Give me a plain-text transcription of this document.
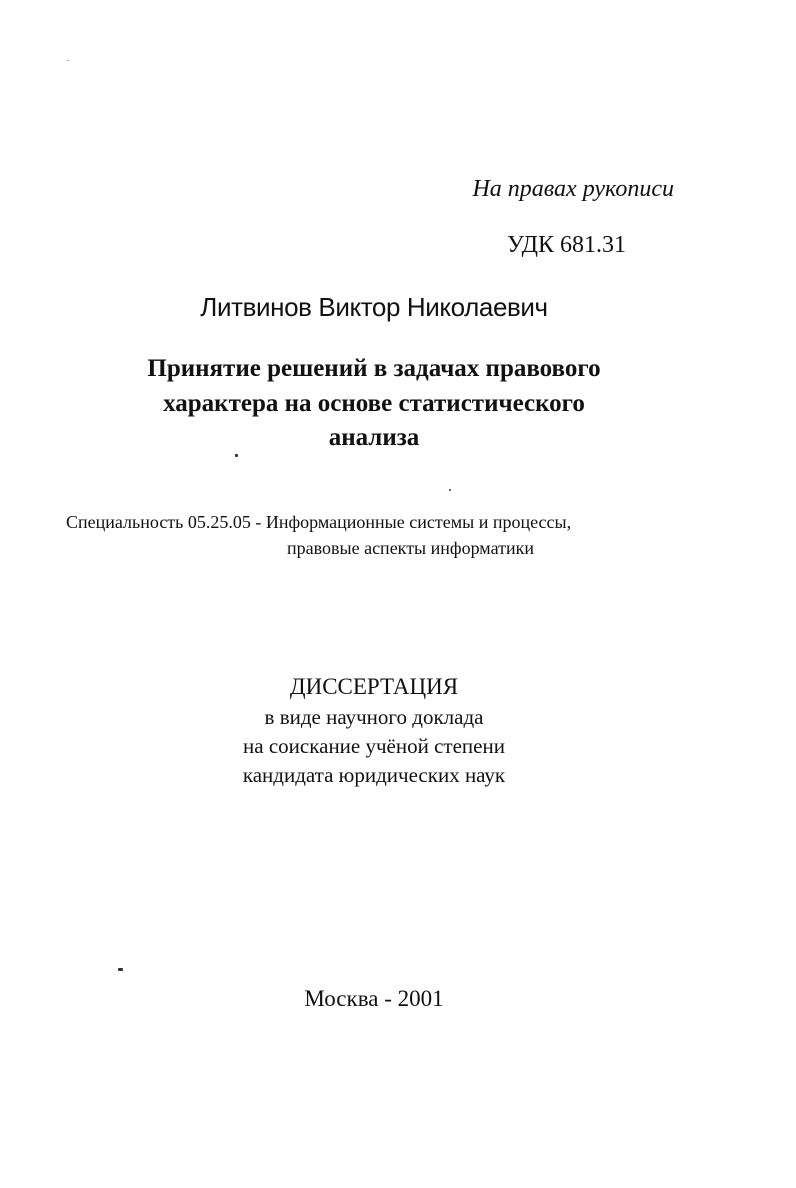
На правах рукописи

УДК 681.31

Литвинов Виктор Николаевич

Принятие решений в задачах правового

характера на основе статистического

анализа

Специальность 05.25.05 - Информационные системы и процессы,

правовые аспекты информатики

ДИССЕРТАЦИЯ

в виде научного доклада

на соискание учёной степени

кандидата юридических наук

Москва - 2001
